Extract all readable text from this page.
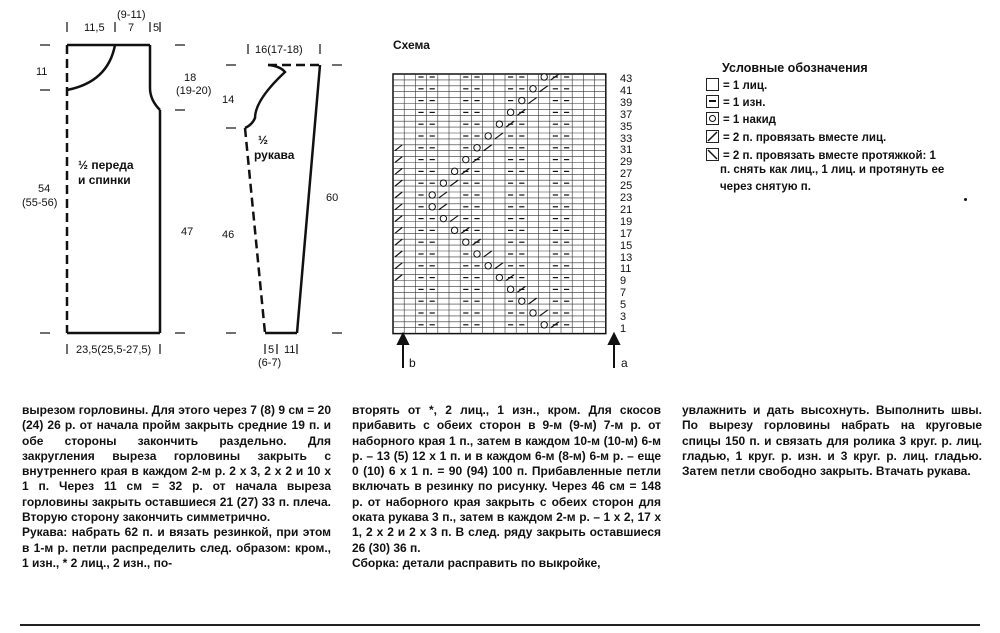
11,5
(9-11)
7 5
11	18
(19-20)
54
(55-56)
47
23,5(25,5-27,5)
½ переда
и спинки
16(17-18)
14
46
60
5
(6-7)
11
½
рукава
Схема
43
41
39
37
35
33
31
29
27
25
23
21
19
17
15
13
11
9
7
5
3
1
b	a
Условные обозначения
= 1 лиц.
= 1 изн.
= 1 накид
= 2 п. провязать вместе лиц.
= 2 п. провязать вместе протяжкой: 1
п. снять как лиц., 1 лиц. и протянуть ее
через снятую п.

вырезом горловины. Для этого через 7 (8) 9 см = 20 (24) 26 р. от начала пройм закрыть средние 19 п. и обе стороны закончить раздельно. Для закругления выреза горловины закрыть с внутреннего края в каждом 2-м р. 2 х 3, 2 х 2 и 10 х 1 п. Через 11 см = 32 р. от начала выреза горловины закрыть оставшиеся 21 (27) 33 п. плеча. Вторую сторону закончить симметрично.

Рукава: набрать 62 п. и вязать резинкой, при этом в 1-м р. петли распределить след. образом: кром., 1 изн., * 2 лиц., 2 изн., по-

вторять от *, 2 лиц., 1 изн., кром. Для скосов прибавить с обеих сторон в 9-м (9-м) 7-м р. от наборного края 1 п., затем в каждом 10-м (10-м) 6-м р. – 13 (5) 12 х 1 п. и в каждом 6-м (8-м) 6-м р. – еще 0 (10) 6 х 1 п. = 90 (94) 100 п. Прибавленные петли включать в резинку по рисунку. Через 46 см = 148 р. от наборного края закрыть с обеих сторон для оката рукава 3 п., затем в каждом 2-м р. – 1 х 2, 17 х 1, 2 х 2 и 2 х 3 п. В след. ряду закрыть оставшиеся 26 (30) 36 п.

Сборка: детали расправить по выкройке,

увлажнить и дать высохнуть. Выполнить швы. По вырезу горловины набрать на круговые спицы 150 п. и связать для ролика 3 круг. р. лиц. гладью, 1 круг. р. изн. и 3 круг. р. лиц. гладью. Затем петли свободно закрыть. Втачать рукава.
